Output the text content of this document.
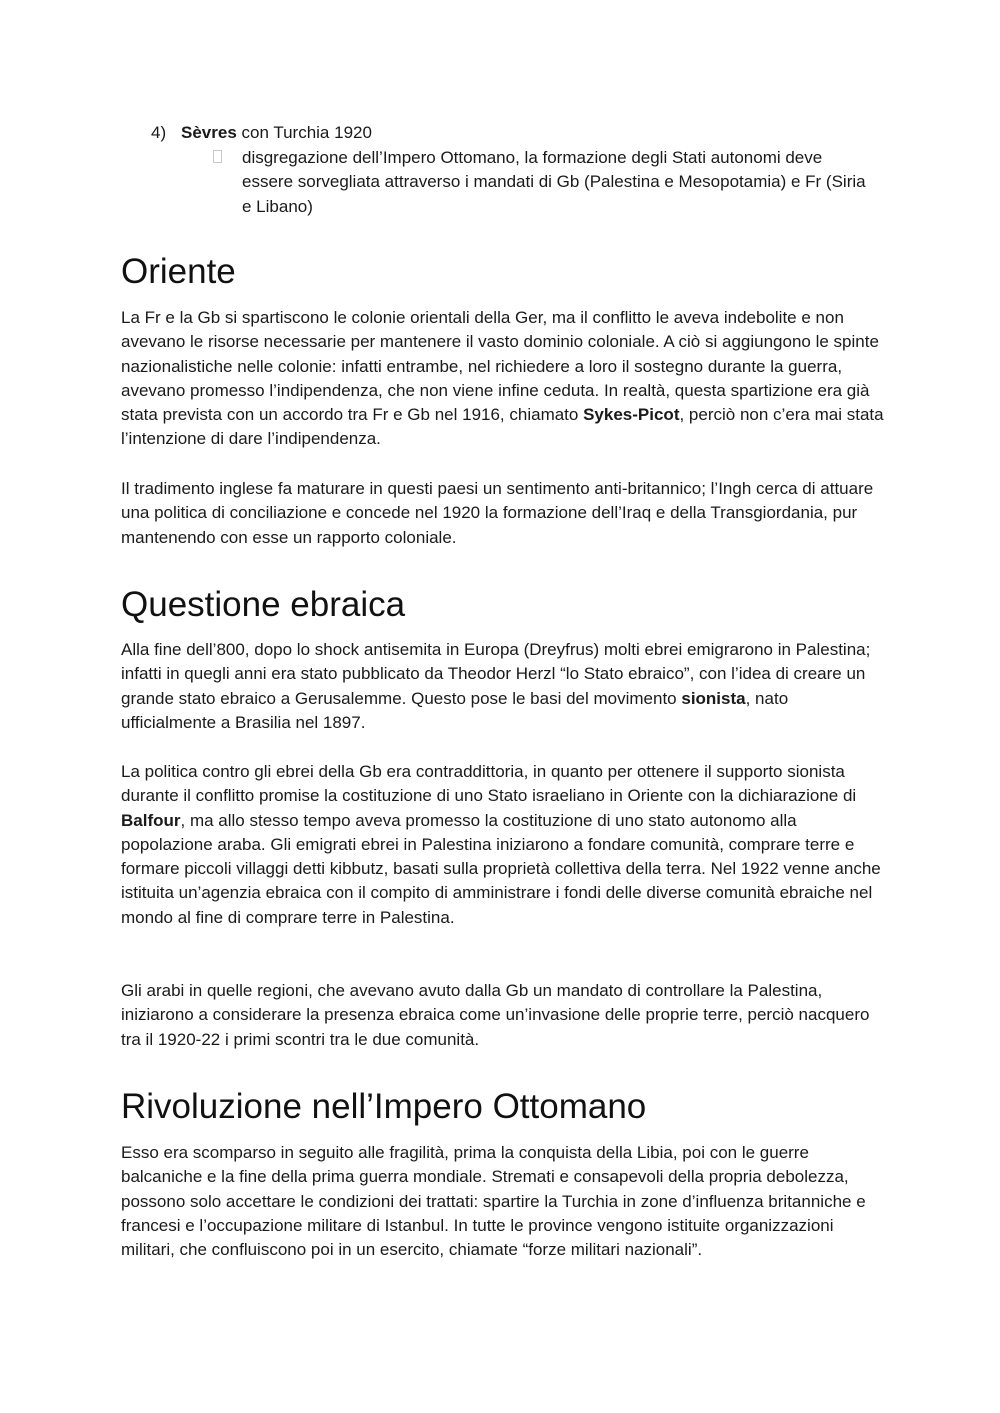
4) Sèvres con Turchia 1920
disgregazione dell’Impero Ottomano, la formazione degli Stati autonomi deve essere sorvegliata attraverso i mandati di Gb (Palestina e Mesopotamia) e Fr (Siria e Libano)
Oriente

La Fr e la Gb si spartiscono le colonie orientali della Ger, ma il conflitto le aveva indebolite e non avevano le risorse necessarie per mantenere il vasto dominio coloniale. A ciò si aggiungono le spinte nazionalistiche nelle colonie: infatti entrambe, nel richiedere a loro il sostegno durante la guerra, avevano promesso l’indipendenza, che non viene infine ceduta. In realtà, questa spartizione era già stata prevista con un accordo tra Fr e Gb nel 1916, chiamato Sykes-Picot, perciò non c’era mai stata l’intenzione di dare l’indipendenza.

Il tradimento inglese fa maturare in questi paesi un sentimento anti-britannico; l’Ingh cerca di attuare una politica di conciliazione e concede nel 1920 la formazione dell’Iraq e della Transgiordania, pur mantenendo con esse un rapporto coloniale.

Questione ebraica

Alla fine dell’800, dopo lo shock antisemita in Europa (Dreyfrus) molti ebrei emigrarono in Palestina; infatti in quegli anni era stato pubblicato da Theodor Herzl “lo Stato ebraico”, con l’idea di creare un grande stato ebraico a Gerusalemme. Questo pose le basi del movimento sionista, nato ufficialmente a Brasilia nel 1897.

La politica contro gli ebrei della Gb era contraddittoria, in quanto per ottenere il supporto sionista durante il conflitto promise la costituzione di uno Stato israeliano in Oriente con la dichiarazione di Balfour, ma allo stesso tempo aveva promesso la costituzione di uno stato autonomo alla popolazione araba. Gli emigrati ebrei in Palestina iniziarono a fondare comunità, comprare terre e formare piccoli villaggi detti kibbutz, basati sulla proprietà collettiva della terra. Nel 1922 venne anche istituita un’agenzia ebraica con il compito di amministrare i fondi delle diverse comunità ebraiche nel mondo al fine di comprare terre in Palestina.

Gli arabi in quelle regioni, che avevano avuto dalla Gb un mandato di controllare la Palestina, iniziarono a considerare la presenza ebraica come un’invasione delle proprie terre, perciò nacquero tra il 1920-22 i primi scontri tra le due comunità.

Rivoluzione nell’Impero Ottomano

Esso era scomparso in seguito alle fragilità, prima la conquista della Libia, poi con le guerre balcaniche e la fine della prima guerra mondiale. Stremati e consapevoli della propria debolezza, possono solo accettare le condizioni dei trattati: spartire la Turchia in zone d’influenza britanniche e francesi e l’occupazione militare di Istanbul. In tutte le province vengono istituite organizzazioni militari, che confluiscono poi in un esercito, chiamate “forze militari nazionali”.
